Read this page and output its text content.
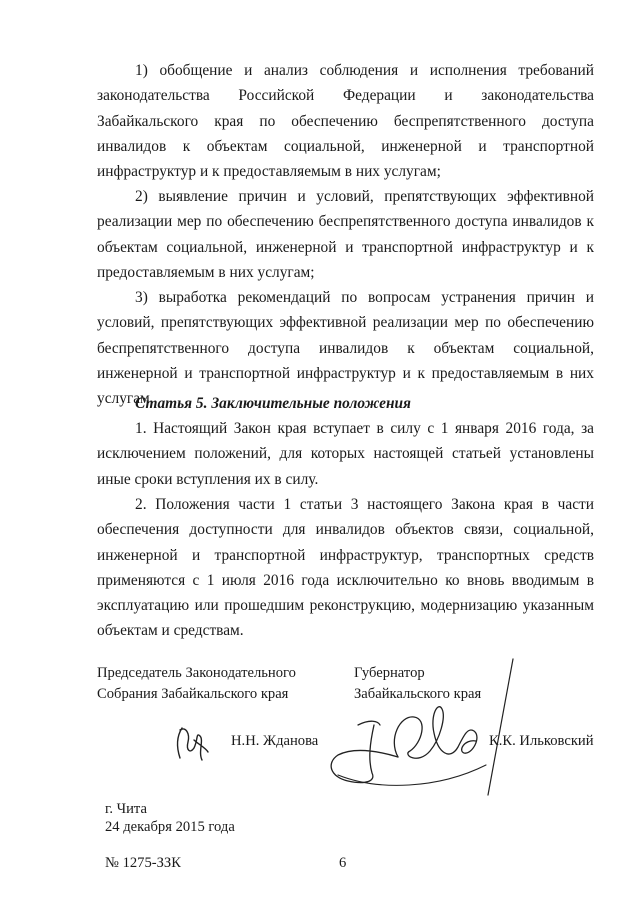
1) обобщение и анализ соблюдения и исполнения требований законодательства Российской Федерации и законодательства Забайкальского края по обеспечению беспрепятственного доступа инвалидов к объектам социальной, инженерной и транспортной инфраструктур и к предоставляемым в них услугам;

2) выявление причин и условий, препятствующих эффективной реализации мер по обеспечению беспрепятственного доступа инвалидов к объектам социальной, инженерной и транспортной инфраструктур и к предоставляемым в них услугам;

3) выработка рекомендаций по вопросам устранения причин и условий, препятствующих эффективной реализации мер по обеспечению беспрепятственного доступа инвалидов к объектам социальной, инженерной и транспортной инфраструктур и к предоставляемым в них услугам.

Статья 5. Заключительные положения

1. Настоящий Закон края вступает в силу с 1 января 2016 года, за исключением положений, для которых настоящей статьей установлены иные сроки вступления их в силу.

2. Положения части 1 статьи 3 настоящего Закона края в части обеспечения доступности для инвалидов объектов связи, социальной, инженерной и транспортной инфраструктур, транспортных средств применяются с 1 июля 2016 года исключительно ко вновь вводимым в эксплуатацию или прошедшим реконструкцию, модернизацию указанным объектам и средствам.

Председатель Законодательного
Собрания Забайкальского края
Губернатор
Забайкальского края
Н.Н. Жданова	К.К. Ильковский
г. Чита
24 декабря 2015 года
№ 1275-ЗЗК	6
